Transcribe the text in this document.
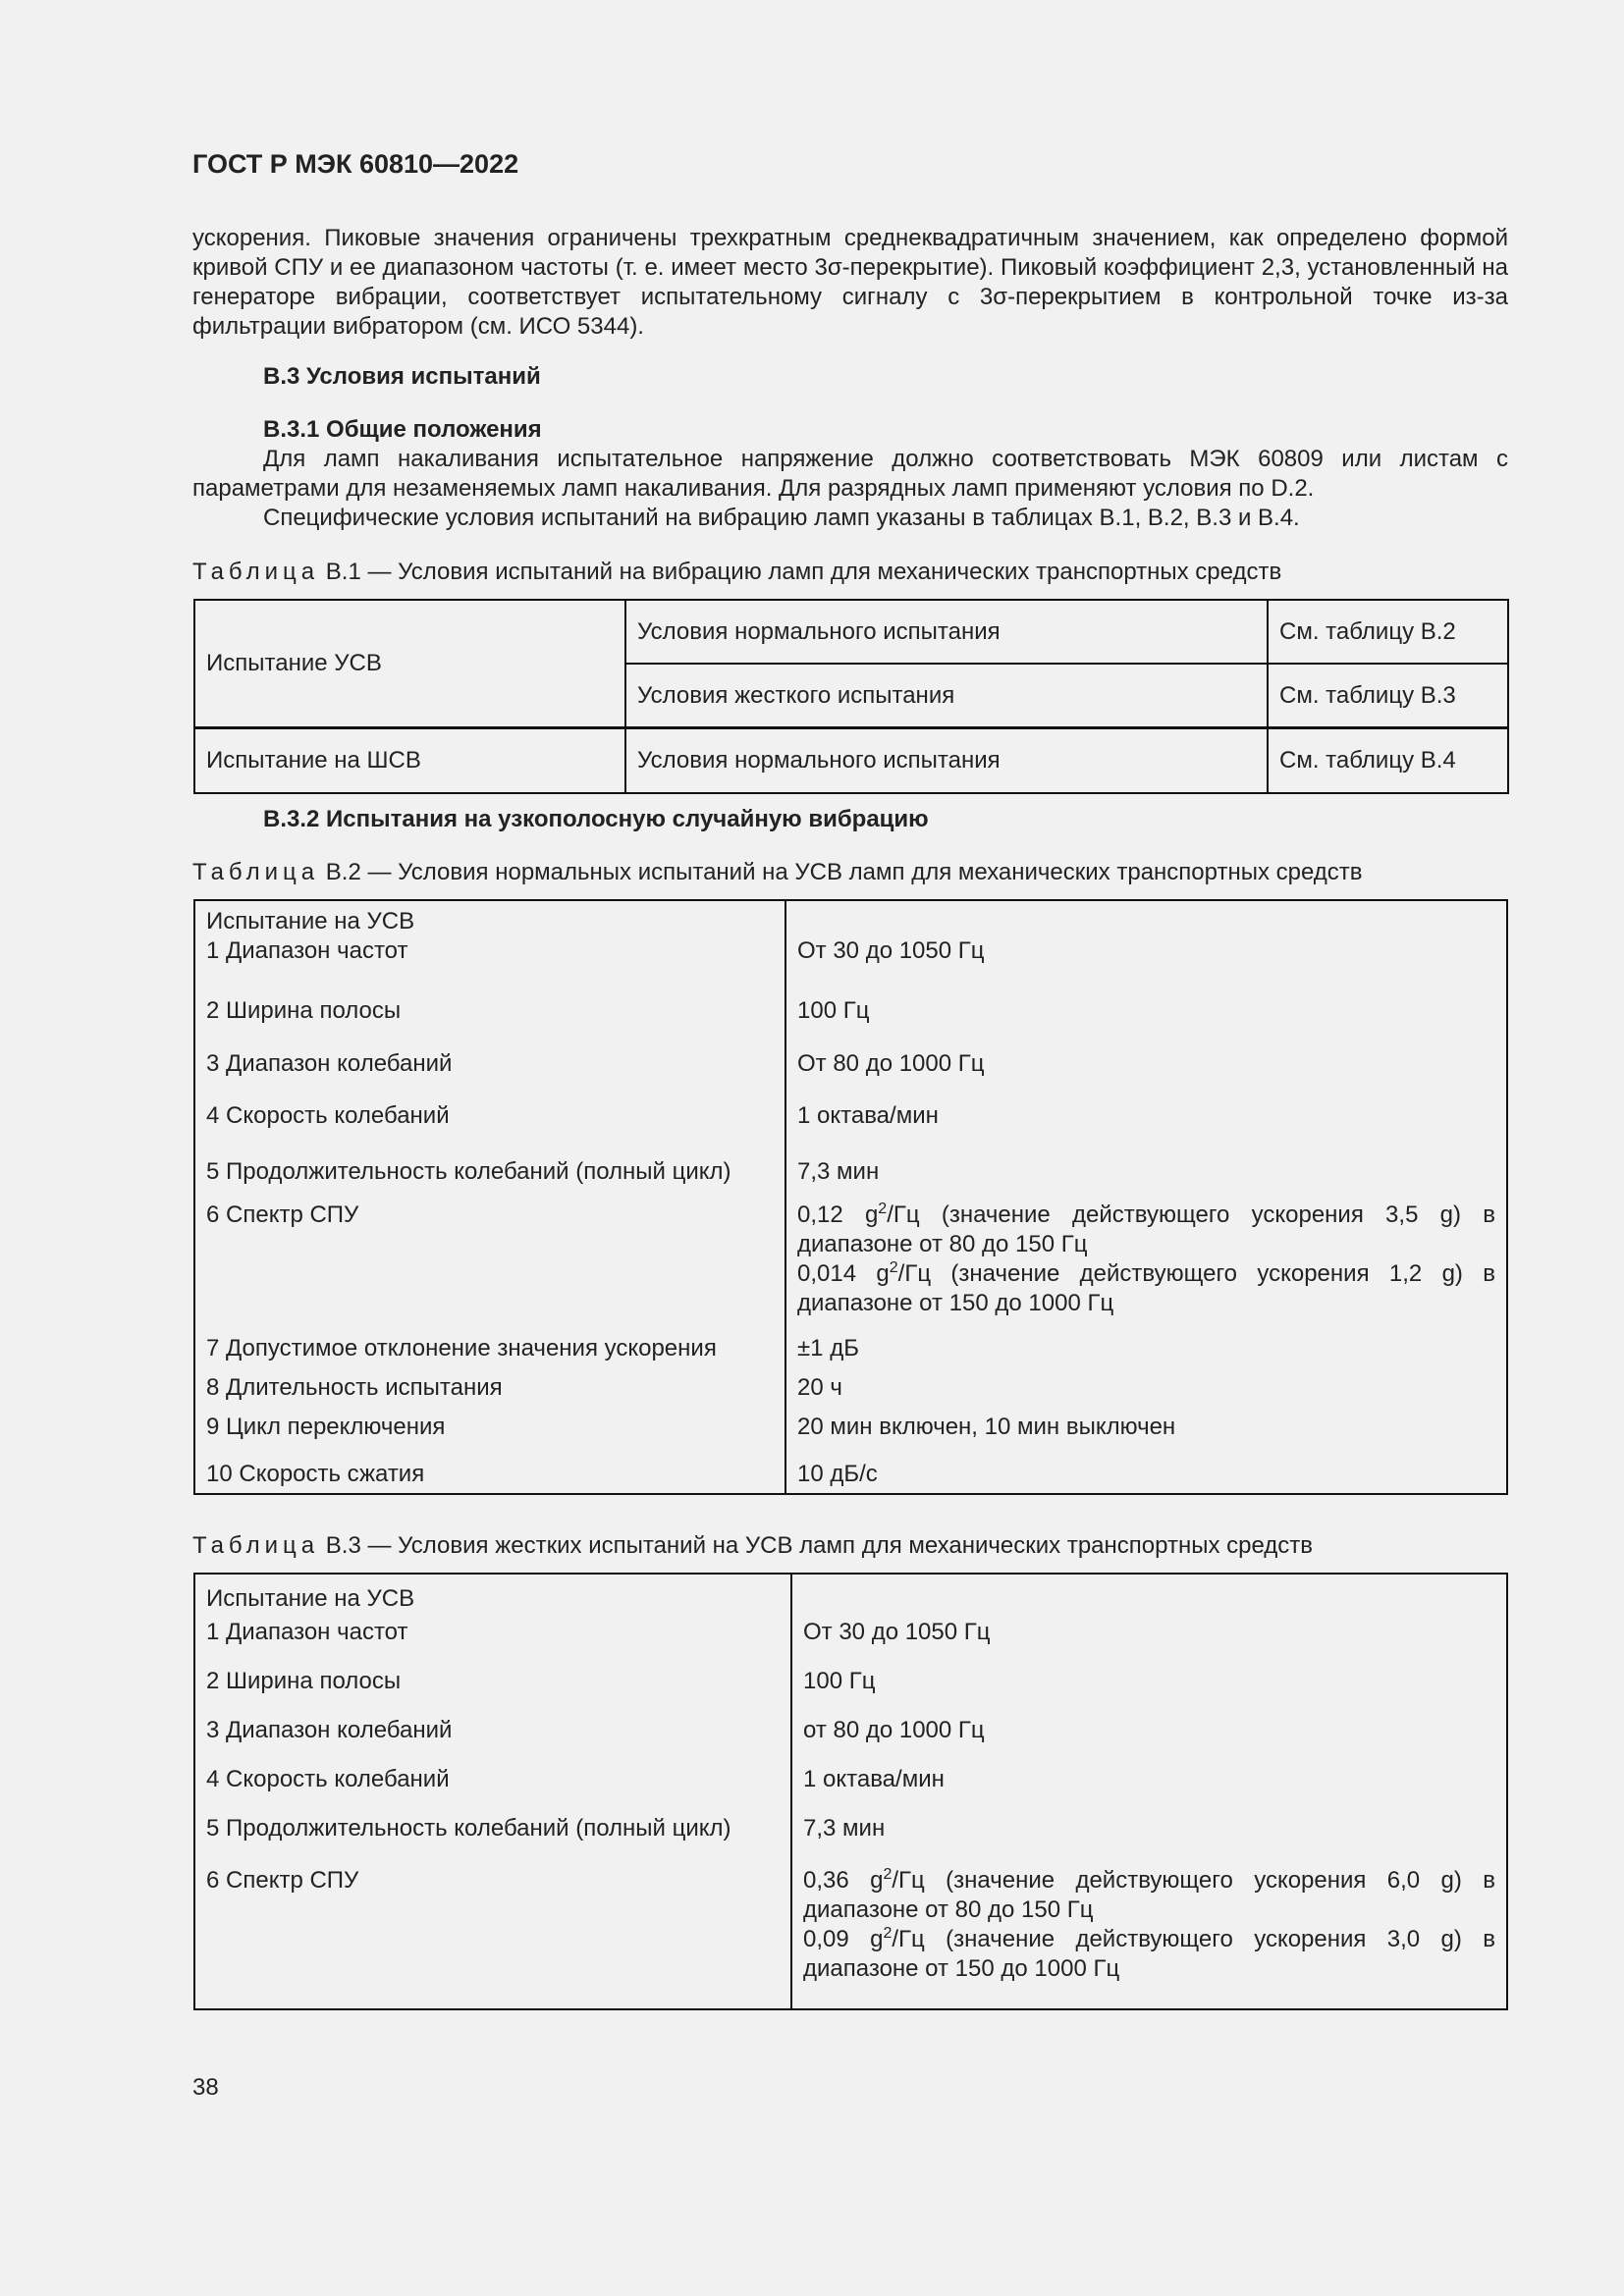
ГОСТ Р МЭК 60810—2022
ускорения. Пиковые значения ограничены трехкратным среднеквадратичным значением, как определено формой кривой СПУ и ее диапазоном частоты (т. е. имеет место 3σ-перекрытие). Пиковый коэффициент 2,3, установленный на генераторе вибрации, соответствует испытательному сигналу с 3σ-перекрытием в контрольной точке из-за фильтрации вибратором (см. ИСО 5344).
B.3 Условия испытаний
B.3.1 Общие положения
Для ламп накаливания испытательное напряжение должно соответствовать МЭК 60809 или листам с параметрами для незаменяемых ламп накаливания. Для разрядных ламп применяют условия по D.2.
Специфические условия испытаний на вибрацию ламп указаны в таблицах B.1, B.2, B.3 и B.4.
Таблица B.1 — Условия испытаний на вибрацию ламп для механических транспортных средств
Испытание УСВ	Условия нормального испытания	См. таблицу B.2
	Условия жесткого испытания	См. таблицу B.3
Испытание на ШСВ	Условия нормального испытания	См. таблицу B.4
B.3.2 Испытания на узкополосную случайную вибрацию
Таблица B.2 — Условия нормальных испытаний на УСВ ламп для механических транспортных средств
Испытание на УСВ
1 Диапазон частот	От 30 до 1050 Гц
2 Ширина полосы	100 Гц
3 Диапазон колебаний	От 80 до 1000 Гц
4 Скорость колебаний	1 октава/мин
5 Продолжительность колебаний (полный цикл)	7,3 мин
6 Спектр СПУ	0,12 $g^2/Гц$ (значение действующего ускорения 3,5 g) в диапазоне от 80 до 150 Гц
0,014 $g^2/Гц$ (значение действующего ускорения 1,2 g) в диапазоне от 150 до 1000 Гц

7 Допустимое отклонение значения ускорения	±1 дБ
8 Длительность испытания	20 ч
9 Цикл переключения	20 мин включен, 10 мин выключен
10 Скорость сжатия	10 дБ/с
Таблица B.3 — Условия жестких испытаний на УСВ ламп для механических транспортных средств
Испытание на УСВ	
1 Диапазон частот	От 30 до 1050 Гц
2 Ширина полосы	100 Гц
3 Диапазон колебаний	от 80 до 1000 Гц
4 Скорость колебаний	1 октава/мин
5 Продолжительность колебаний (полный цикл)	7,3 мин
6 Спектр СПУ	0,36 $g^2/Гц$ (значение действующего ускорения 6,0 g) в диапазоне от 80 до 150 Гц
0,09 $g^2/Гц$ (значение действующего ускорения 3,0 g) в диапазоне от 150 до 1000 Гц
38
